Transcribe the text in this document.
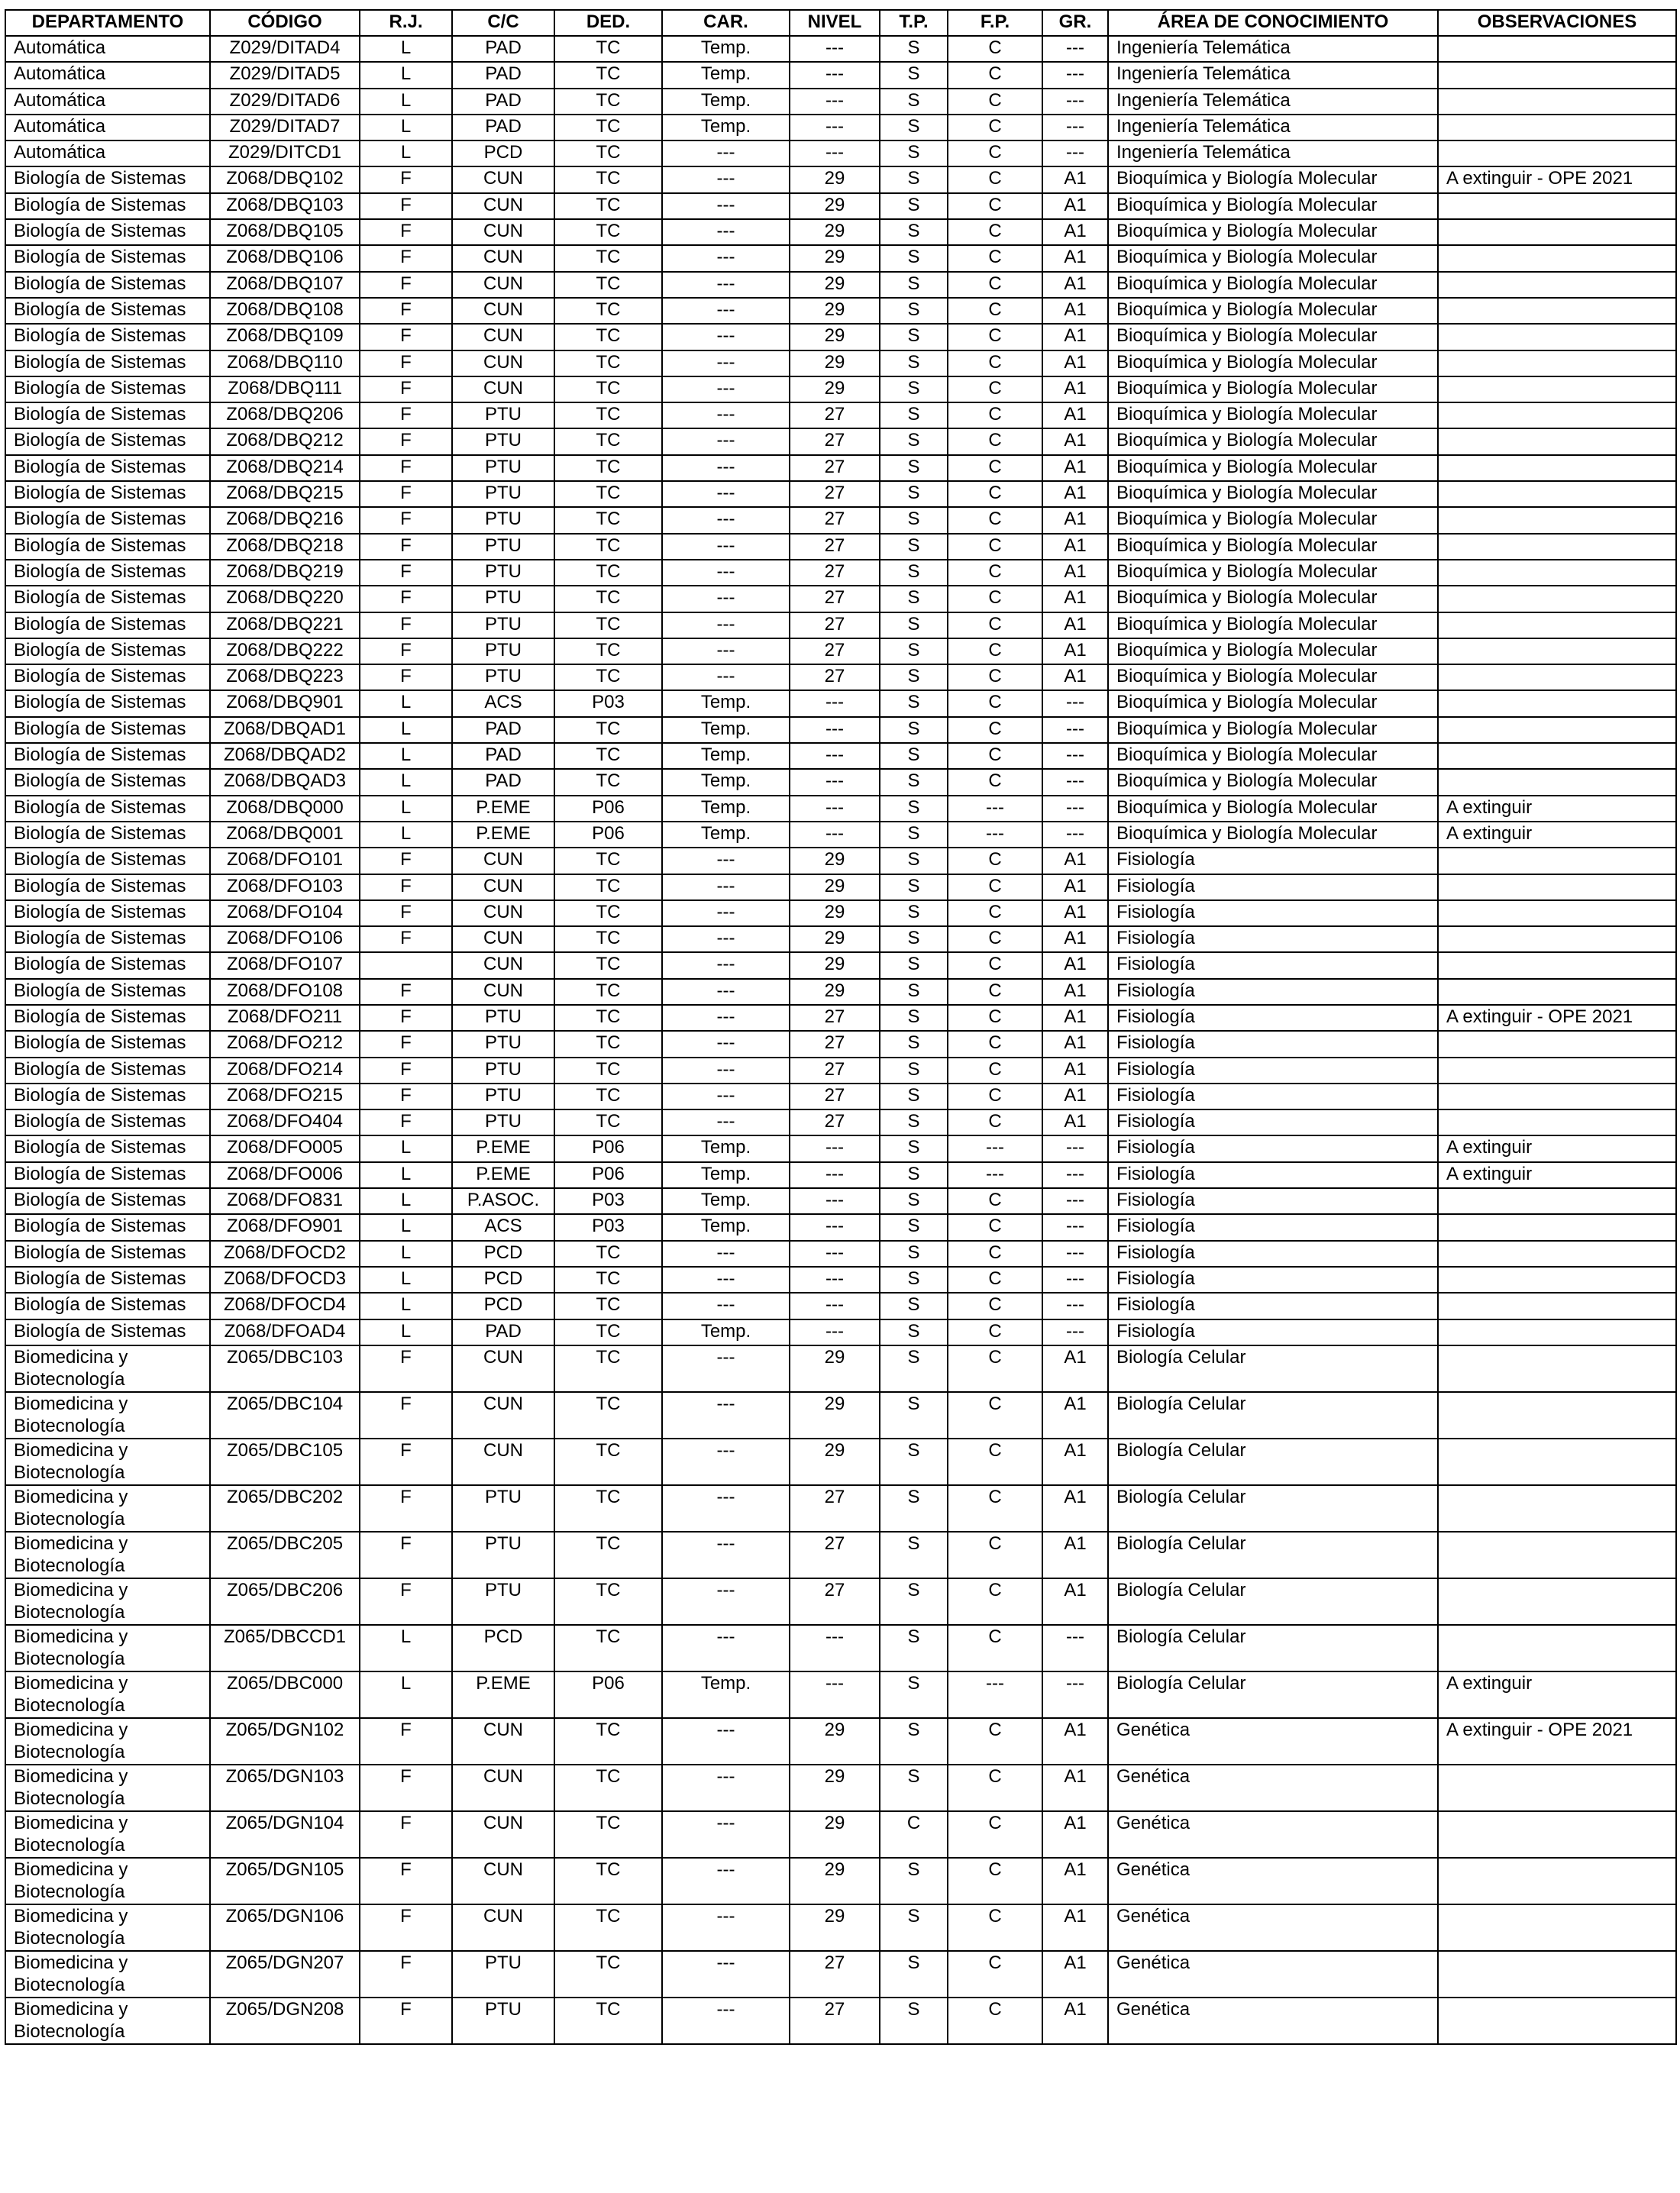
DEPARTAMENTO	CÓDIGO	R.J.	C/C	DED.	CAR.	NIVEL	T.P.	F.P.	GR.	ÁREA DE CONOCIMIENTO	OBSERVACIONES
Automática	Z029/DITAD4	L	PAD	TC	Temp.	---	S	C	---	Ingeniería Telemática	
Automática	Z029/DITAD5	L	PAD	TC	Temp.	---	S	C	---	Ingeniería Telemática	
Automática	Z029/DITAD6	L	PAD	TC	Temp.	---	S	C	---	Ingeniería Telemática	
Automática	Z029/DITAD7	L	PAD	TC	Temp.	---	S	C	---	Ingeniería Telemática	
Automática	Z029/DITCD1	L	PCD	TC	---	---	S	C	---	Ingeniería Telemática	
Biología de Sistemas	Z068/DBQ102	F	CUN	TC	---	29	S	C	A1	Bioquímica y Biología Molecular	A extinguir - OPE 2021
Biología de Sistemas	Z068/DBQ103	F	CUN	TC	---	29	S	C	A1	Bioquímica y Biología Molecular	
Biología de Sistemas	Z068/DBQ105	F	CUN	TC	---	29	S	C	A1	Bioquímica y Biología Molecular	
Biología de Sistemas	Z068/DBQ106	F	CUN	TC	---	29	S	C	A1	Bioquímica y Biología Molecular	
Biología de Sistemas	Z068/DBQ107	F	CUN	TC	---	29	S	C	A1	Bioquímica y Biología Molecular	
Biología de Sistemas	Z068/DBQ108	F	CUN	TC	---	29	S	C	A1	Bioquímica y Biología Molecular	
Biología de Sistemas	Z068/DBQ109	F	CUN	TC	---	29	S	C	A1	Bioquímica y Biología Molecular	
Biología de Sistemas	Z068/DBQ110	F	CUN	TC	---	29	S	C	A1	Bioquímica y Biología Molecular	
Biología de Sistemas	Z068/DBQ111	F	CUN	TC	---	29	S	C	A1	Bioquímica y Biología Molecular	
Biología de Sistemas	Z068/DBQ206	F	PTU	TC	---	27	S	C	A1	Bioquímica y Biología Molecular	
Biología de Sistemas	Z068/DBQ212	F	PTU	TC	---	27	S	C	A1	Bioquímica y Biología Molecular	
Biología de Sistemas	Z068/DBQ214	F	PTU	TC	---	27	S	C	A1	Bioquímica y Biología Molecular	
Biología de Sistemas	Z068/DBQ215	F	PTU	TC	---	27	S	C	A1	Bioquímica y Biología Molecular	
Biología de Sistemas	Z068/DBQ216	F	PTU	TC	---	27	S	C	A1	Bioquímica y Biología Molecular	
Biología de Sistemas	Z068/DBQ218	F	PTU	TC	---	27	S	C	A1	Bioquímica y Biología Molecular	
Biología de Sistemas	Z068/DBQ219	F	PTU	TC	---	27	S	C	A1	Bioquímica y Biología Molecular	
Biología de Sistemas	Z068/DBQ220	F	PTU	TC	---	27	S	C	A1	Bioquímica y Biología Molecular	
Biología de Sistemas	Z068/DBQ221	F	PTU	TC	---	27	S	C	A1	Bioquímica y Biología Molecular	
Biología de Sistemas	Z068/DBQ222	F	PTU	TC	---	27	S	C	A1	Bioquímica y Biología Molecular	
Biología de Sistemas	Z068/DBQ223	F	PTU	TC	---	27	S	C	A1	Bioquímica y Biología Molecular	
Biología de Sistemas	Z068/DBQ901	L	ACS	P03	Temp.	---	S	C	---	Bioquímica y Biología Molecular	
Biología de Sistemas	Z068/DBQAD1	L	PAD	TC	Temp.	---	S	C	---	Bioquímica y Biología Molecular	
Biología de Sistemas	Z068/DBQAD2	L	PAD	TC	Temp.	---	S	C	---	Bioquímica y Biología Molecular	
Biología de Sistemas	Z068/DBQAD3	L	PAD	TC	Temp.	---	S	C	---	Bioquímica y Biología Molecular	
Biología de Sistemas	Z068/DBQ000	L	P.EME	P06	Temp.	---	S	---	---	Bioquímica y Biología Molecular	A extinguir
Biología de Sistemas	Z068/DBQ001	L	P.EME	P06	Temp.	---	S	---	---	Bioquímica y Biología Molecular	A extinguir
Biología de Sistemas	Z068/DFO101	F	CUN	TC	---	29	S	C	A1	Fisiología	
Biología de Sistemas	Z068/DFO103	F	CUN	TC	---	29	S	C	A1	Fisiología	
Biología de Sistemas	Z068/DFO104	F	CUN	TC	---	29	S	C	A1	Fisiología	
Biología de Sistemas	Z068/DFO106	F	CUN	TC	---	29	S	C	A1	Fisiología	
Biología de Sistemas	Z068/DFO107		CUN	TC	---	29	S	C	A1	Fisiología	
Biología de Sistemas	Z068/DFO108	F	CUN	TC	---	29	S	C	A1	Fisiología	
Biología de Sistemas	Z068/DFO211	F	PTU	TC	---	27	S	C	A1	Fisiología	A extinguir - OPE 2021
Biología de Sistemas	Z068/DFO212	F	PTU	TC	---	27	S	C	A1	Fisiología	
Biología de Sistemas	Z068/DFO214	F	PTU	TC	---	27	S	C	A1	Fisiología	
Biología de Sistemas	Z068/DFO215	F	PTU	TC	---	27	S	C	A1	Fisiología	
Biología de Sistemas	Z068/DFO404	F	PTU	TC	---	27	S	C	A1	Fisiología	
Biología de Sistemas	Z068/DFO005	L	P.EME	P06	Temp.	---	S	---	---	Fisiología	A extinguir
Biología de Sistemas	Z068/DFO006	L	P.EME	P06	Temp.	---	S	---	---	Fisiología	A extinguir
Biología de Sistemas	Z068/DFO831	L	P.ASOC.	P03	Temp.	---	S	C	---	Fisiología	
Biología de Sistemas	Z068/DFO901	L	ACS	P03	Temp.	---	S	C	---	Fisiología	
Biología de Sistemas	Z068/DFOCD2	L	PCD	TC	---	---	S	C	---	Fisiología	
Biología de Sistemas	Z068/DFOCD3	L	PCD	TC	---	---	S	C	---	Fisiología	
Biología de Sistemas	Z068/DFOCD4	L	PCD	TC	---	---	S	C	---	Fisiología	
Biología de Sistemas	Z068/DFOAD4	L	PAD	TC	Temp.	---	S	C	---	Fisiología	
Biomedicina y Biotecnología	Z065/DBC103	F	CUN	TC	---	29	S	C	A1	Biología Celular	
Biomedicina y Biotecnología	Z065/DBC104	F	CUN	TC	---	29	S	C	A1	Biología Celular	
Biomedicina y Biotecnología	Z065/DBC105	F	CUN	TC	---	29	S	C	A1	Biología Celular	
Biomedicina y Biotecnología	Z065/DBC202	F	PTU	TC	---	27	S	C	A1	Biología Celular	
Biomedicina y Biotecnología	Z065/DBC205	F	PTU	TC	---	27	S	C	A1	Biología Celular	
Biomedicina y Biotecnología	Z065/DBC206	F	PTU	TC	---	27	S	C	A1	Biología Celular	
Biomedicina y Biotecnología	Z065/DBCCD1	L	PCD	TC	---	---	S	C	---	Biología Celular	
Biomedicina y Biotecnología	Z065/DBC000	L	P.EME	P06	Temp.	---	S	---	---	Biología Celular	A extinguir
Biomedicina y Biotecnología	Z065/DGN102	F	CUN	TC	---	29	S	C	A1	Genética	A extinguir - OPE 2021
Biomedicina y Biotecnología	Z065/DGN103	F	CUN	TC	---	29	S	C	A1	Genética	
Biomedicina y Biotecnología	Z065/DGN104	F	CUN	TC	---	29	C	C	A1	Genética	
Biomedicina y Biotecnología	Z065/DGN105	F	CUN	TC	---	29	S	C	A1	Genética	
Biomedicina y Biotecnología	Z065/DGN106	F	CUN	TC	---	29	S	C	A1	Genética	
Biomedicina y Biotecnología	Z065/DGN207	F	PTU	TC	---	27	S	C	A1	Genética	
Biomedicina y Biotecnología	Z065/DGN208	F	PTU	TC	---	27	S	C	A1	Genética	
